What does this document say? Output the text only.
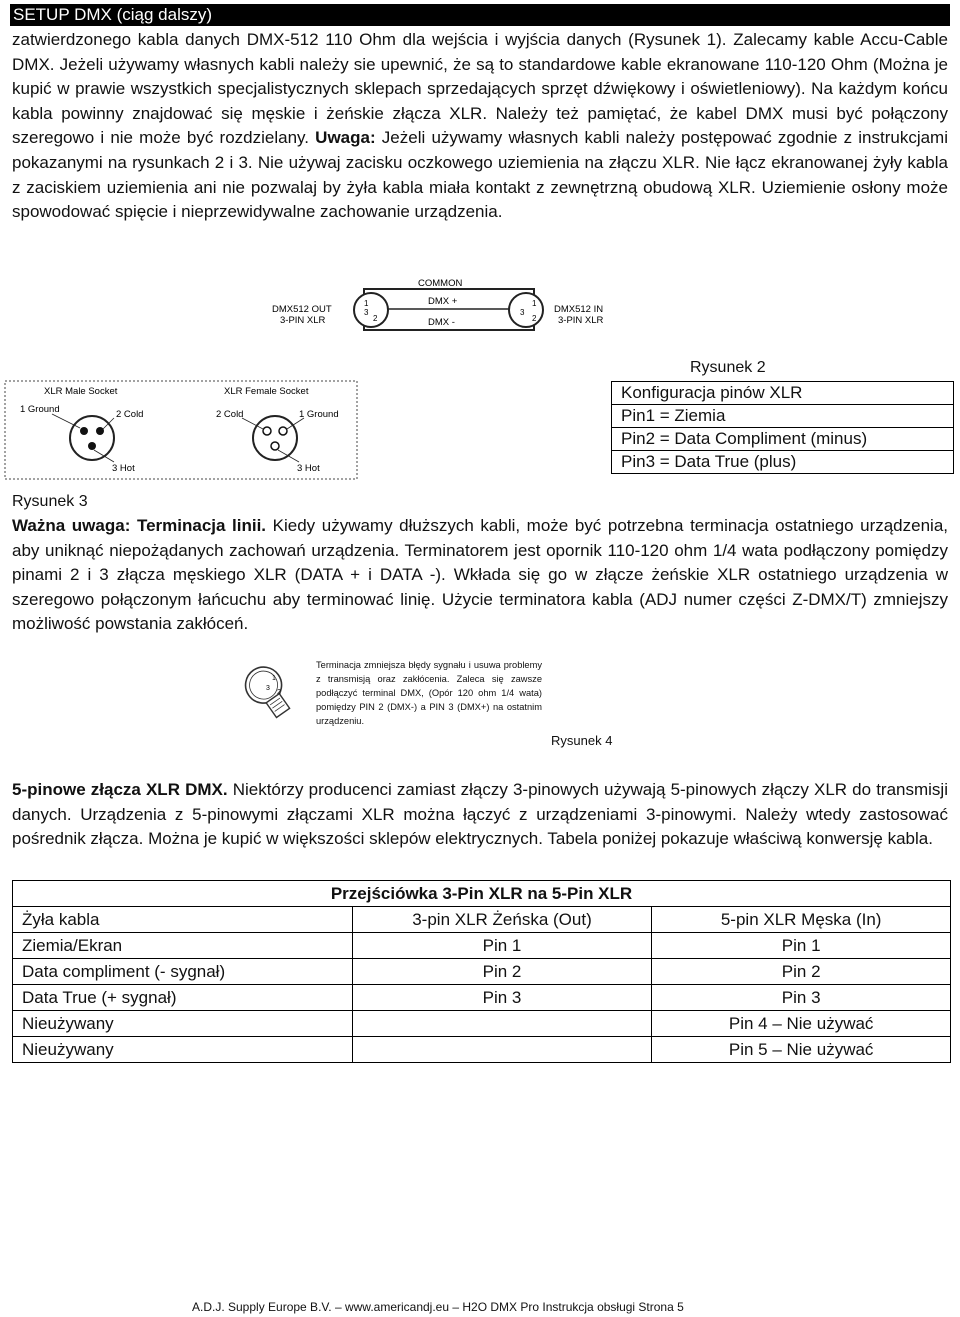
SETUP DMX (ciąg dalszy)
zatwierdzonego kabla danych DMX-512 110 Ohm dla wejścia i wyjścia danych (Rysunek 1). Zalecamy kable Accu-Cable DMX. Jeżeli używamy własnych kabli należy sie upewnić, że są to standardowe kable ekranowane 110-120 Ohm (Można je kupić w prawie wszystkich specjalistycznych sklepach sprzedających sprzęt dźwiękowy i oświetleniowy). Na każdym końcu kabla powinny znajdować się męskie i żeńskie złącza XLR. Należy też pamiętać, że kabel DMX musi być połączony szeregowo i nie może być rozdzielany. Uwaga: Jeżeli używamy własnych kabli należy postępować zgodnie z instrukcjami pokazanymi na rysunkach 2 i 3. Nie używaj zacisku oczkowego uziemienia na złączu XLR. Nie łącz ekranowanej żyły kabla z zaciskiem uziemienia ani nie pozwalaj by żyła kabla miała kontakt z zewnętrzną obudową XLR. Uziemienie osłony może spowodować spięcie i nieprzewidywalne zachowanie urządzenia.
COMMON
DMX +
DMX -
1
3
2
1
3
2
DMX512 OUT
3-PIN XLR
DMX512 IN
3-PIN XLR
XLR Male Socket	XLR Female Socket
1 Ground	2 Cold
3 Hot
2 Cold	1 Ground
3 Hot
Rysunek 2
Konfiguracja pinów XLR
Pin1 = Ziemia
Pin2 = Data Compliment (minus)
Pin3 = Data True (plus)
Rysunek 3
Ważna uwaga: Terminacja linii. Kiedy używamy dłuższych kabli, może być potrzebna terminacja ostatniego urządzenia, aby uniknąć niepożądanych zachowań urządzenia. Terminatorem jest opornik 110-120 ohm 1/4 wata podłączony pomiędzy pinami 2 i 3 złącza męskiego XLR (DATA + i DATA -). Wkłada się go w złącze żeńskie XLR ostatniego urządzenia w szeregowo połączonym łańcuchu aby terminować linię. Użycie terminatora kabla (ADJ numer części Z-DMX/T) zmniejszy możliwość powstania zakłóceń.
1
3
2
Terminacja zmniejsza błędy sygnału i usuwa problemy z transmisją oraz zakłócenia. Zaleca się zawsze podłączyć terminal DMX, (Opór 120 ohm 1/4 wata) pomiędzy PIN 2 (DMX-) a PIN 3 (DMX+) na ostatnim urządzeniu.
Rysunek 4
5-pinowe złącza XLR DMX. Niektórzy producenci zamiast złączy 3-pinowych używają 5-pinowych złączy XLR do transmisji danych. Urządzenia z 5-pinowymi złączami XLR można łączyć z urządzeniami 3-pinowymi. Należy wtedy zastosować pośrednik złącza. Można je kupić w większości sklepów elektrycznych. Tabela poniżej pokazuje właściwą konwersję kabla.
Przejściówka 3-Pin XLR na 5-Pin XLR		
Żyła kabla	3-pin XLR Żeńska (Out)	5-pin XLR Męska (In)
Ziemia/Ekran	Pin 1	Pin 1
Data compliment (- sygnał)	Pin 2	Pin 2
Data True (+ sygnał)	Pin 3	Pin 3
Nieużywany		Pin 4 – Nie używać
Nieużywany		Pin 5 – Nie używać
A.D.J. Supply Europe B.V. – www.americandj.eu – H2O DMX Pro Instrukcja obsługi Strona 5
